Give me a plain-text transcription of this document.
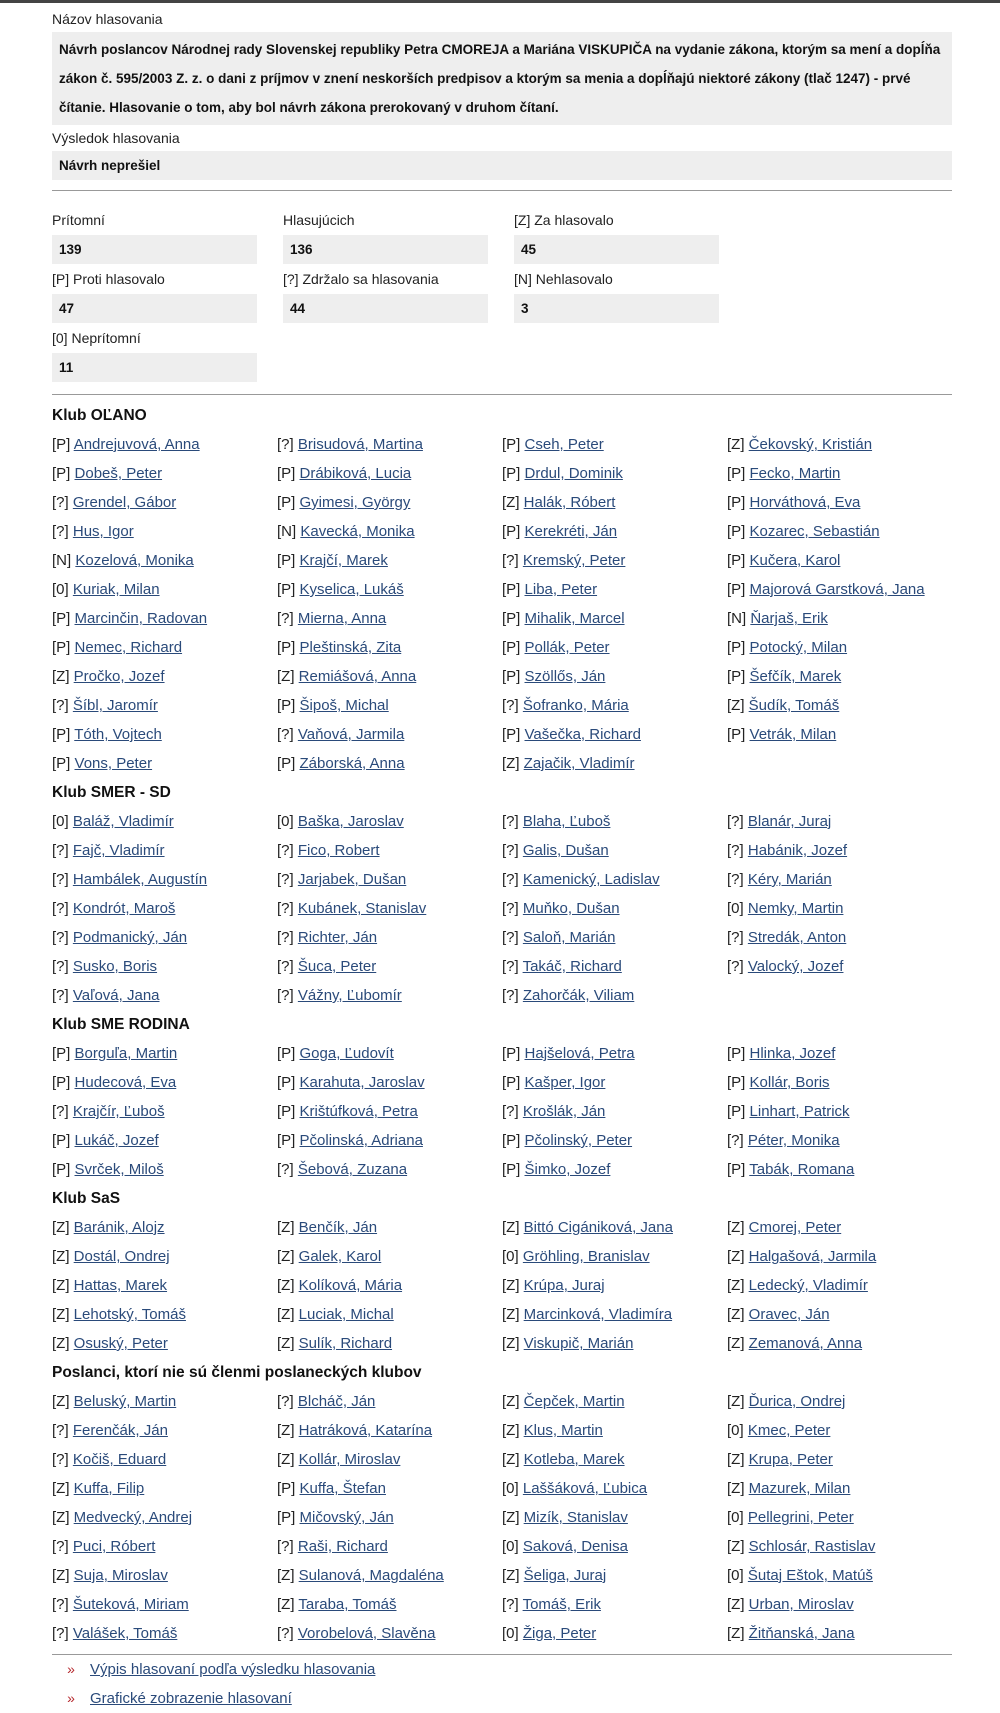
Názov hlasovania
Návrh poslancov Národnej rady Slovenskej republiky Petra CMOREJA a Mariána VISKUPIČA na vydanie zákona, ktorým sa mení a dopĺňa zákon č. 595/2003 Z. z. o dani z príjmov v znení neskorších predpisov a ktorým sa menia a dopĺňajú niektoré zákony (tlač 1247) - prvé čítanie. Hlasovanie o tom, aby bol návrh zákona prerokovaný v druhom čítaní.
Výsledok hlasovania
Návrh neprešiel
Prítomní
139
Hlasujúcich
136
[Z] Za hlasovalo
45
[P] Proti hlasovalo
47
[?] Zdržalo sa hlasovania
44
[N] Nehlasovalo
3
[0] Neprítomní
11
Klub OĽANO
[P] Andrejuvová, Anna	[?] Brisudová, Martina	[P] Cseh, Peter	[Z] Čekovský, Kristián
[P] Dobeš, Peter	[P] Drábiková, Lucia	[P] Drdul, Dominik	[P] Fecko, Martin
[?] Grendel, Gábor	[P] Gyimesi, György	[Z] Halák, Róbert	[P] Horváthová, Eva
[?] Hus, Igor	[N] Kavecká, Monika	[P] Kerekréti, Ján	[P] Kozarec, Sebastián
[N] Kozelová, Monika	[P] Krajčí, Marek	[?] Kremský, Peter	[P] Kučera, Karol
[0] Kuriak, Milan	[P] Kyselica, Lukáš	[P] Liba, Peter	[P] Majorová Garstková, Jana
[P] Marcinčin, Radovan	[?] Mierna, Anna	[P] Mihalik, Marcel	[N] Ňarjaš, Erik
[P] Nemec, Richard	[P] Pleštinská, Zita	[P] Pollák, Peter	[P] Potocký, Milan
[Z] Pročko, Jozef	[Z] Remiášová, Anna	[P] Szöllős, Ján	[P] Šefčík, Marek
[?] Šíbl, Jaromír	[P] Šipoš, Michal	[?] Šofranko, Mária	[Z] Šudík, Tomáš
[P] Tóth, Vojtech	[?] Vaňová, Jarmila	[P] Vašečka, Richard	[P] Vetrák, Milan
[P] Vons, Peter	[P] Záborská, Anna	[Z] Zajačik, Vladimír
Klub SMER - SD
[0] Baláž, Vladimír	[0] Baška, Jaroslav	[?] Blaha, Ľuboš	[?] Blanár, Juraj
[?] Fajč, Vladimír	[?] Fico, Robert	[?] Galis, Dušan	[?] Habánik, Jozef
[?] Hambálek, Augustín	[?] Jarjabek, Dušan	[?] Kamenický, Ladislav	[?] Kéry, Marián
[?] Kondrót, Maroš	[?] Kubánek, Stanislav	[?] Muňko, Dušan	[0] Nemky, Martin
[?] Podmanický, Ján	[?] Richter, Ján	[?] Saloň, Marián	[?] Stredák, Anton
[?] Susko, Boris	[?] Šuca, Peter	[?] Takáč, Richard	[?] Valocký, Jozef
[?] Vaľová, Jana	[?] Vážny, Ľubomír	[?] Zahorčák, Viliam
Klub SME RODINA
[P] Borguľa, Martin	[P] Goga, Ľudovít	[P] Hajšelová, Petra	[P] Hlinka, Jozef
[P] Hudecová, Eva	[P] Karahuta, Jaroslav	[P] Kašper, Igor	[P] Kollár, Boris
[?] Krajčír, Ľuboš	[P] Krištúfková, Petra	[?] Krošlák, Ján	[P] Linhart, Patrick
[P] Lukáč, Jozef	[P] Pčolinská, Adriana	[P] Pčolinský, Peter	[?] Péter, Monika
[P] Svrček, Miloš	[?] Šebová, Zuzana	[P] Šimko, Jozef	[P] Tabák, Romana
Klub SaS
[Z] Baránik, Alojz	[Z] Benčík, Ján	[Z] Bittó Cigániková, Jana	[Z] Cmorej, Peter
[Z] Dostál, Ondrej	[Z] Galek, Karol	[0] Gröhling, Branislav	[Z] Halgašová, Jarmila
[Z] Hattas, Marek	[Z] Kolíková, Mária	[Z] Krúpa, Juraj	[Z] Ledecký, Vladimír
[Z] Lehotský, Tomáš	[Z] Luciak, Michal	[Z] Marcinková, Vladimíra	[Z] Oravec, Ján
[Z] Osuský, Peter	[Z] Sulík, Richard	[Z] Viskupič, Marián	[Z] Zemanová, Anna
Poslanci, ktorí nie sú členmi poslaneckých klubov
[Z] Beluský, Martin	[?] Blcháč, Ján	[Z] Čepček, Martin	[Z] Ďurica, Ondrej
[?] Ferenčák, Ján	[Z] Hatráková, Katarína	[Z] Klus, Martin	[0] Kmec, Peter
[?] Kočiš, Eduard	[Z] Kollár, Miroslav	[Z] Kotleba, Marek	[Z] Krupa, Peter
[Z] Kuffa, Filip	[P] Kuffa, Štefan	[0] Laššáková, Ľubica	[Z] Mazurek, Milan
[Z] Medvecký, Andrej	[P] Mičovský, Ján	[Z] Mizík, Stanislav	[0] Pellegrini, Peter
[?] Puci, Róbert	[?] Raši, Richard	[0] Saková, Denisa	[Z] Schlosár, Rastislav
[Z] Suja, Miroslav	[Z] Sulanová, Magdaléna	[Z] Šeliga, Juraj	[0] Šutaj Eštok, Matúš
[?] Šuteková, Miriam	[Z] Taraba, Tomáš	[?] Tomáš, Erik	[Z] Urban, Miroslav
[?] Valášek, Tomáš	[?] Vorobelová, Slavěna	[0] Žiga, Peter	[Z] Žitňanská, Jana
»	Výpis hlasovaní podľa výsledku hlasovania
»	Grafické zobrazenie hlasovaní
